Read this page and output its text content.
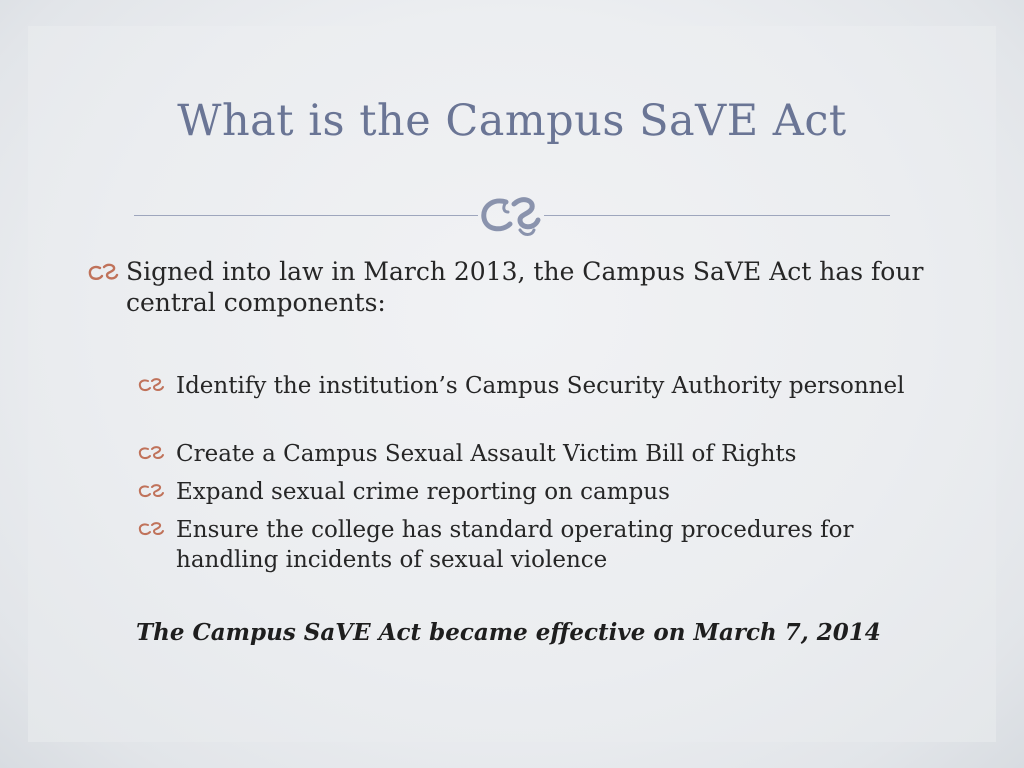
What is the Campus SaVE Act
Signed into law in March 2013, the Campus SaVE Act has four central components:
Identify the institution’s Campus Security Authority personnel
Create a Campus Sexual Assault Victim Bill of Rights
Expand sexual crime reporting on campus
Ensure the college has standard operating procedures for handling incidents of sexual violence
The Campus SaVE Act became effective on March 7, 2014
